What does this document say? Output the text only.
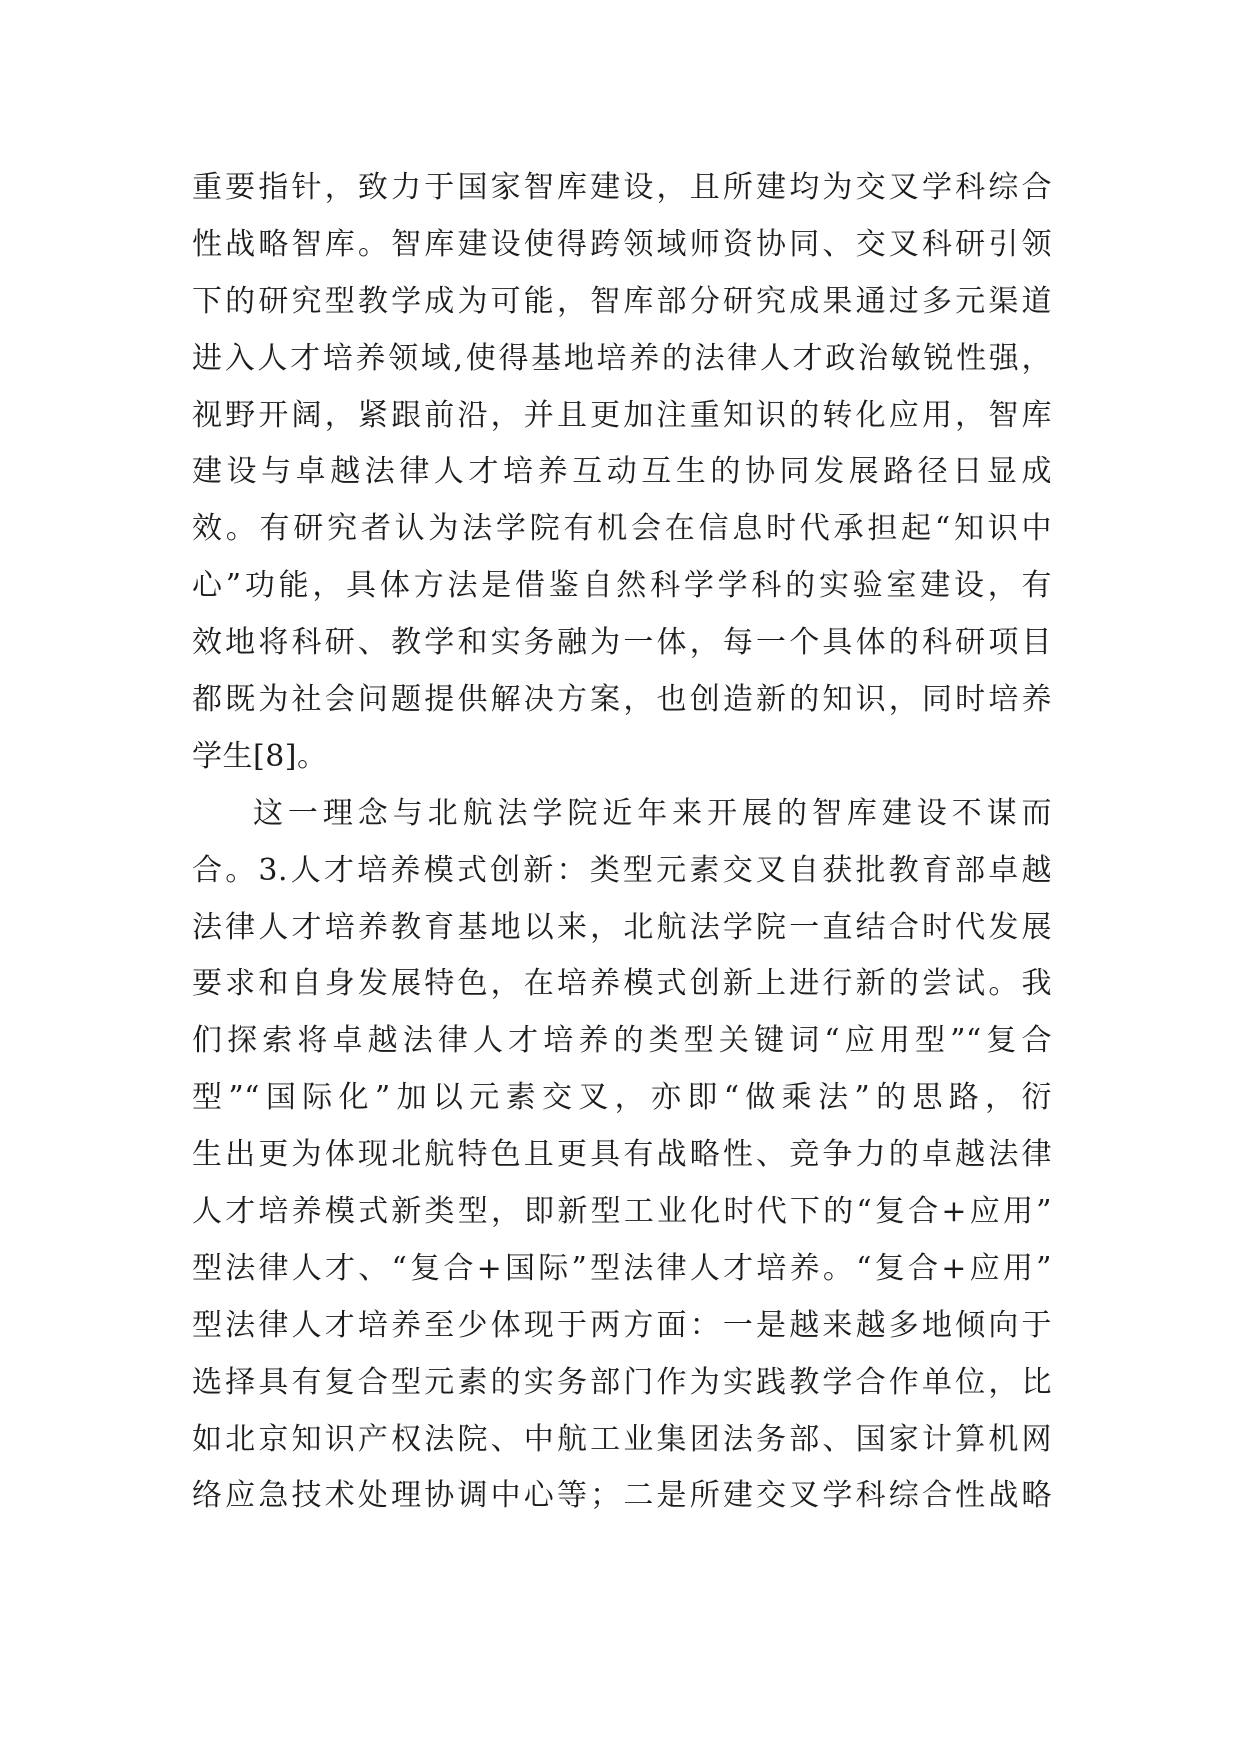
重要指针，致力于国家智库建设，且所建均为交叉学科综合
性战略智库。智库建设使得跨领域师资协同、交叉科研引领
下的研究型教学成为可能，智库部分研究成果通过多元渠道
进入人才培养领域,使得基地培养的法律人才政治敏锐性强，
视野开阔，紧跟前沿，并且更加注重知识的转化应用，智库
建设与卓越法律人才培养互动互生的协同发展路径日显成
效。有研究者认为法学院有机会在信息时代承担起“知识中
心”功能，具体方法是借鉴自然科学学科的实验室建设，有
效地将科研、教学和实务融为一体，每一个具体的科研项目
都既为社会问题提供解决方案，也创造新的知识，同时培养
学生[8]。
这一理念与北航法学院近年来开展的智库建设不谋而
合。3.人才培养模式创新：类型元素交叉自获批教育部卓越
法律人才培养教育基地以来，北航法学院一直结合时代发展
要求和自身发展特色，在培养模式创新上进行新的尝试。我
们探索将卓越法律人才培养的类型关键词“应用型”“复合
型”“国际化”加以元素交叉，亦即“做乘法”的思路，衍
生出更为体现北航特色且更具有战略性、竞争力的卓越法律
人才培养模式新类型，即新型工业化时代下的“复合+应用”
型法律人才、“复合+国际”型法律人才培养。“复合+应用”
型法律人才培养至少体现于两方面：一是越来越多地倾向于
选择具有复合型元素的实务部门作为实践教学合作单位，比
如北京知识产权法院、中航工业集团法务部、国家计算机网
络应急技术处理协调中心等；二是所建交叉学科综合性战略
